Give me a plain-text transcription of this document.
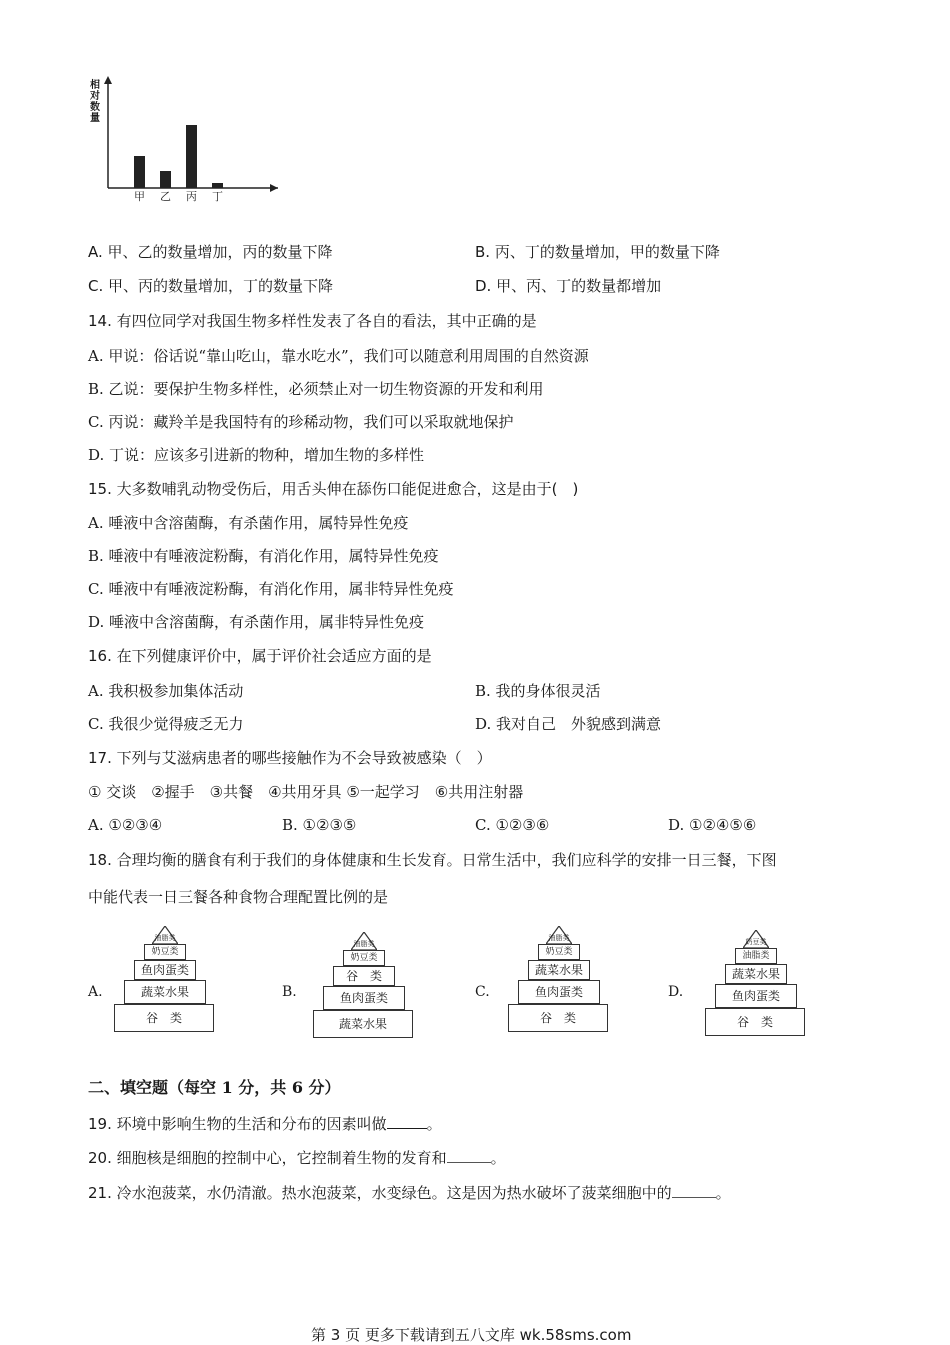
甲 乙 丙 丁
相对数量
A. 甲、乙的数量增加，丙的数量下降	B. 丙、丁的数量增加，甲的数量下降
C. 甲、丙的数量增加，丁的数量下降	D. 甲、丙、丁的数量都增加
14. 有四位同学对我国生物多样性发表了各自的看法，其中正确的是
A. 甲说：俗话说“靠山吃山，靠水吃水”，我们可以随意利用周围的自然资源
B. 乙说：要保护生物多样性，必须禁止对一切生物资源的开发和利用
C. 丙说：藏羚羊是我国特有的珍稀动物，我们可以采取就地保护
D. 丁说：应该多引进新的物种，增加生物的多样性
15. 大多数哺乳动物受伤后，用舌头伸在舔伤口能促进愈合，这是由于(　)
A. 唾液中含溶菌酶，有杀菌作用，属特异性免疫
B. 唾液中有唾液淀粉酶，有消化作用，属特异性免疫
C. 唾液中有唾液淀粉酶，有消化作用，属非特异性免疫
D. 唾液中含溶菌酶，有杀菌作用，属非特异性免疫
16. 在下列健康评价中，属于评价社会适应方面的是
A. 我积极参加集体活动	B. 我的身体很灵活
C. 我很少觉得疲乏无力	D. 我对自己　外貌感到满意
17. 下列与艾滋病患者的哪些接触作为不会导致被感染（　）
① 交谈　②握手　③共餐　④共用牙具 ⑤一起学习　⑥共用注射器
A. ①②③④	B. ①②③⑤	C. ①②③⑥	D. ①②④⑤⑥
18. 合理均衡的膳食有利于我们的身体健康和生长发育。日常生活中，我们应科学的安排一日三餐，下图
中能代表一日三餐各种食物合理配置比例的是
A.
油脂类
奶豆类
鱼肉蛋类
蔬菜水果
谷　类
B.
油脂类
奶豆类
谷　类
鱼肉蛋类
蔬菜水果
C.
油脂类
奶豆类
蔬菜水果
鱼肉蛋类
谷　类
D.
奶豆类
油脂类
蔬菜水果
鱼肉蛋类
谷　类
二、填空题（每空 1 分，共 6 分）
19. 环境中影响生物的生活和分布的因素叫做	。
20. 细胞核是细胞的控制中心，它控制着生物的发育和	。
21. 冷水泡菠菜，水仍清澈。热水泡菠菜，水变绿色。这是因为热水破坏了菠菜细胞中的	。
第 3 页 更多下载请到五八文库 wk.58sms.com
